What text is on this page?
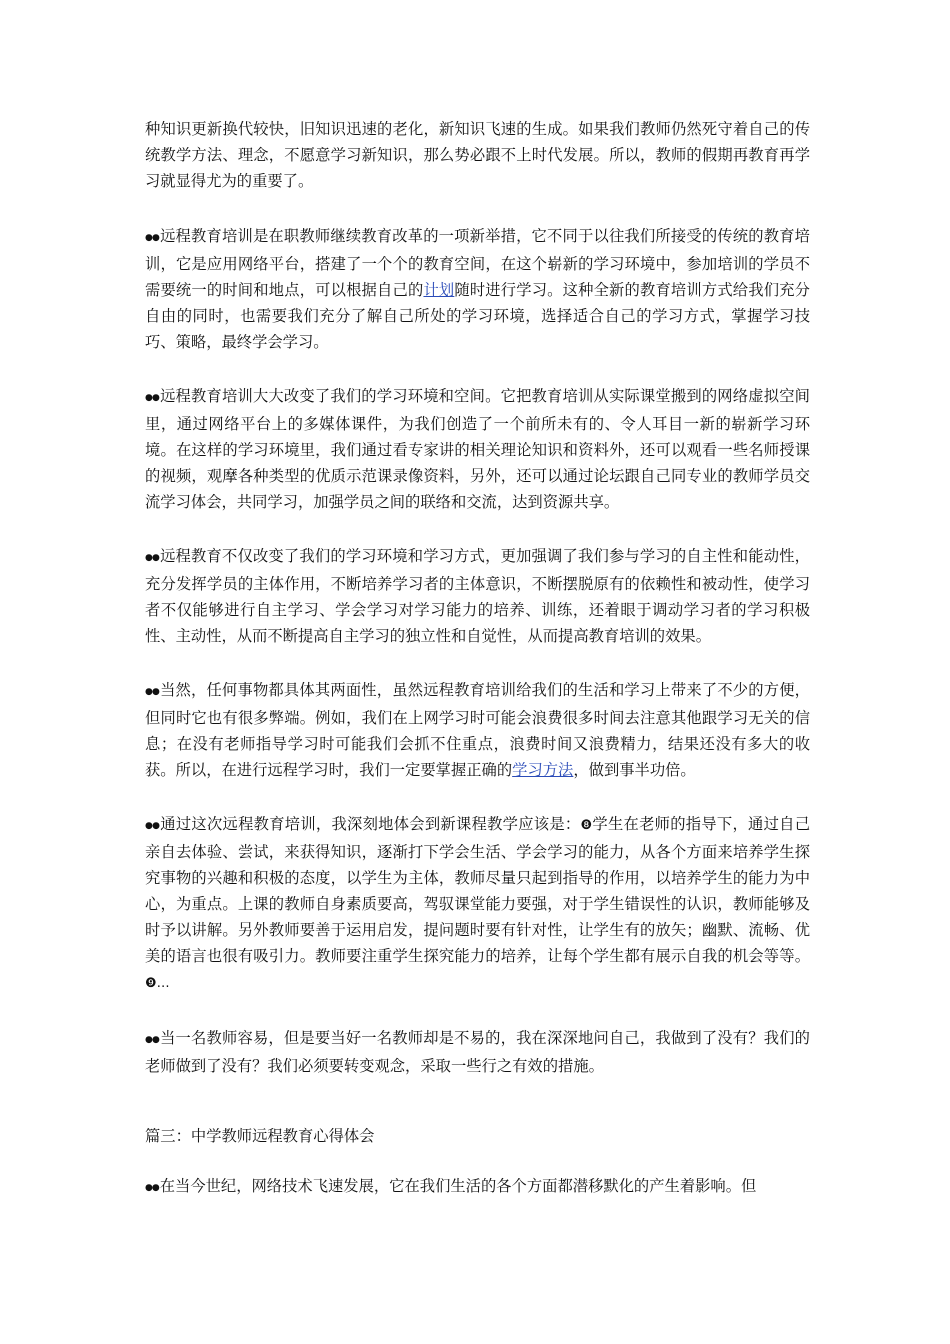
种知识更新换代较快，旧知识迅速的老化，新知识飞速的生成。如果我们教师仍然死守着自己的传统教学方法、理念，不愿意学习新知识，那么势必跟不上时代发展。所以，教师的假期再教育再学习就显得尤为的重要了。

●●远程教育培训是在职教师继续教育改革的一项新举措，它不同于以往我们所接受的传统的教育培训，它是应用网络平台，搭建了一个个的教育空间，在这个崭新的学习环境中，参加培训的学员不需要统一的时间和地点，可以根据自己的计划随时进行学习。这种全新的教育培训方式给我们充分自由的同时，也需要我们充分了解自己所处的学习环境，选择适合自己的学习方式，掌握学习技巧、策略，最终学会学习。

●●远程教育培训大大改变了我们的学习环境和空间。它把教育培训从实际课堂搬到的网络虚拟空间里，通过网络平台上的多媒体课件，为我们创造了一个前所未有的、令人耳目一新的崭新学习环境。在这样的学习环境里，我们通过看专家讲的相关理论知识和资料外，还可以观看一些名师授课的视频，观摩各种类型的优质示范课录像资料，另外，还可以通过论坛跟自己同专业的教师学员交流学习体会，共同学习，加强学员之间的联络和交流，达到资源共享。

●●远程教育不仅改变了我们的学习环境和学习方式，更加强调了我们参与学习的自主性和能动性，充分发挥学员的主体作用，不断培养学习者的主体意识，不断摆脱原有的依赖性和被动性，使学习者不仅能够进行自主学习、学会学习对学习能力的培养、训练，还着眼于调动学习者的学习积极性、主动性，从而不断提高自主学习的独立性和自觉性，从而提高教育培训的效果。

●●当然，任何事物都具体其两面性，虽然远程教育培训给我们的生活和学习上带来了不少的方便，但同时它也有很多弊端。例如，我们在上网学习时可能会浪费很多时间去注意其他跟学习无关的信息；在没有老师指导学习时可能我们会抓不住重点，浪费时间又浪费精力，结果还没有多大的收获。所以，在进行远程学习时，我们一定要掌握正确的学习方法，做到事半功倍。

●●通过这次远程教育培训，我深刻地体会到新课程教学应该是：❽学生在老师的指导下，通过自己亲自去体验、尝试，来获得知识，逐渐打下学会生活、学会学习的能力，从各个方面来培养学生探究事物的兴趣和积极的态度，以学生为主体，教师尽量只起到指导的作用，以培养学生的能力为中心，为重点。上课的教师自身素质要高，驾驭课堂能力要强，对于学生错误性的认识，教师能够及时予以讲解。另外教师要善于运用启发，提问题时要有针对性，让学生有的放矢；幽默、流畅、优美的语言也很有吸引力。教师要注重学生探究能力的培养，让每个学生都有展示自我的机会等等。❾…

●●当一名教师容易，但是要当好一名教师却是不易的，我在深深地问自己，我做到了没有？我们的老师做到了没有？我们必须要转变观念，采取一些行之有效的措施。

篇三：中学教师远程教育心得体会

●●在当今世纪，网络技术飞速发展，它在我们生活的各个方面都潜移默化的产生着影响。但
